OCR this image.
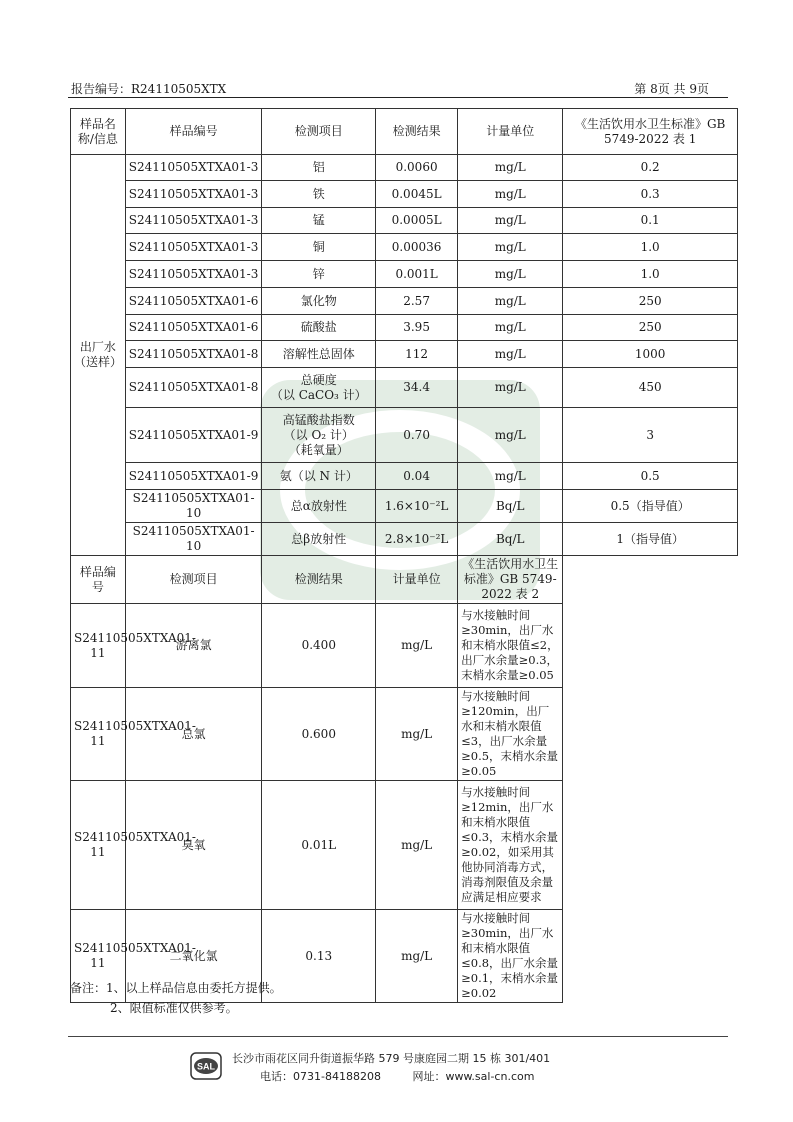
报告编号：R24110505XTX	第 8页 共 9页
样品名称/信息	样品编号	检测项目	检测结果	计量单位	《生活饮用水卫生标准》GB 5749-2022 表 1
出厂水（送样）	S24110505XTXA01-3	铝	0.0060	mg/L	0.2
	S24110505XTXA01-3	铁	0.0045L	mg/L	0.3
	S24110505XTXA01-3	锰	0.0005L	mg/L	0.1
	S24110505XTXA01-3	铜	0.00036	mg/L	1.0
	S24110505XTXA01-3	锌	0.001L	mg/L	1.0
	S24110505XTXA01-6	氯化物	2.57	mg/L	250
	S24110505XTXA01-6	硫酸盐	3.95	mg/L	250
	S24110505XTXA01-8	溶解性总固体	112	mg/L	1000
	S24110505XTXA01-8	总硬度
（以 CaCO₃ 计）	34.4	mg/L	450
	S24110505XTXA01-9	高锰酸盐指数
（以 O₂ 计）
（耗氧量）	0.70	mg/L	3
	S24110505XTXA01-9	氨（以 N 计）	0.04	mg/L	0.5
	S24110505XTXA01-10	总α放射性	1.6×10⁻²L	Bq/L	0.5（指导值）
	S24110505XTXA01-10	总β放射性	2.8×10⁻²L	Bq/L	1（指导值）
样品编号	检测项目	检测结果	计量单位	《生活饮用水卫生标准》GB 5749-2022 表 2	
S24110505XTXA01-11	游离氯	0.400	mg/L	与水接触时间≥30min，出厂水和末梢水限值≤2，出厂水余量≥0.3，末梢水余量≥0.05	
S24110505XTXA01-11	总氯	0.600	mg/L	与水接触时间≥120min，出厂水和末梢水限值≤3，出厂水余量≥0.5，末梢水余量≥0.05	
S24110505XTXA01-11	臭氧	0.01L	mg/L	与水接触时间≥12min，出厂水和末梢水限值≤0.3，末梢水余量≥0.02，如采用其他协同消毒方式，消毒剂限值及余量应满足相应要求	
S24110505XTXA01-11	二氧化氯	0.13	mg/L	与水接触时间≥30min，出厂水和末梢水限值≤0.8，出厂水余量≥0.1，末梢水余量≥0.02	
备注：1、以上样品信息由委托方提供。
2、限值标准仅供参考。
SAL
长沙市雨花区同升街道振华路 579 号康庭园二期 15 栋 301/401
电话：0731-84188208	网址：www.sal-cn.com
